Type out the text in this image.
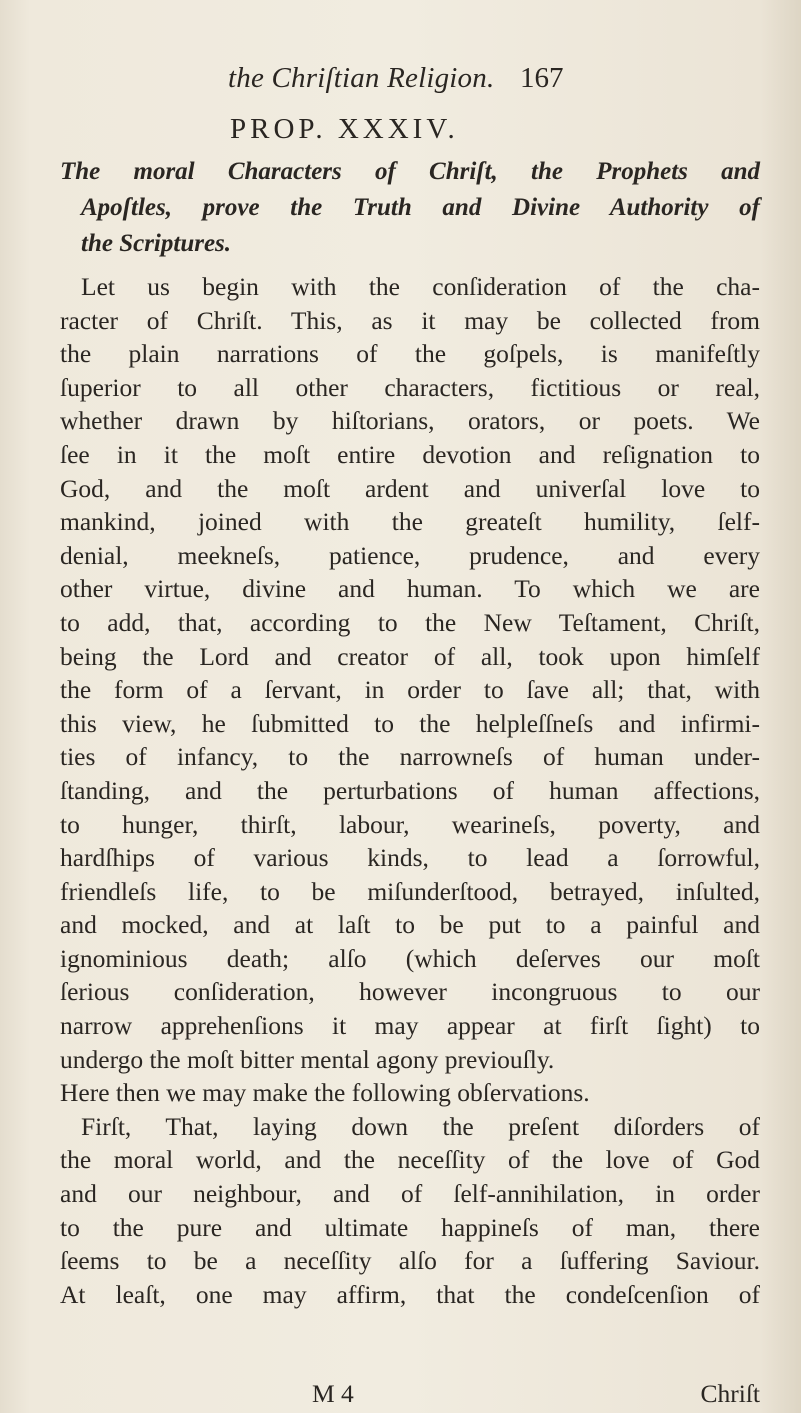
the Chriſtian Religion. 167
PROP. XXXIV.
The moral Characters of Chriſt, the Prophets and
Apoſtles, prove the Truth and Divine Authority of
the Scriptures.
Let us begin with the conſideration of the cha-
racter of Chriſt. This, as it may be collected from
the plain narrations of the goſpels, is manifeſtly
ſuperior to all other characters, fictitious or real,
whether drawn by hiſtorians, orators, or poets. We
ſee in it the moſt entire devotion and reſignation to
God, and the moſt ardent and univerſal love to
mankind, joined with the greateſt humility, ſelf-
denial, meekneſs, patience, prudence, and every
other virtue, divine and human. To which we are
to add, that, according to the New Teſtament, Chriſt,
being the Lord and creator of all, took upon himſelf
the form of a ſervant, in order to ſave all; that, with
this view, he ſubmitted to the helpleſſneſs and infirmi-
ties of infancy, to the narrowneſs of human under-
ſtanding, and the perturbations of human affections,
to hunger, thirſt, labour, wearineſs, poverty, and
hardſhips of various kinds, to lead a ſorrowful,
friendleſs life, to be miſunderſtood, betrayed, inſulted,
and mocked, and at laſt to be put to a painful and
ignominious death; alſo (which deſerves our moſt
ſerious conſideration, however incongruous to our
narrow apprehenſions it may appear at firſt ſight) to
undergo the moſt bitter mental agony previouſly.
Here then we may make the following obſervations.
Firſt, That, laying down the preſent diſorders of
the moral world, and the neceſſity of the love of God
and our neighbour, and of ſelf-annihilation, in order
to the pure and ultimate happineſs of man, there
ſeems to be a neceſſity alſo for a ſuffering Saviour.
At leaſt, one may affirm, that the condeſcenſion of
M 4	Chriſt
